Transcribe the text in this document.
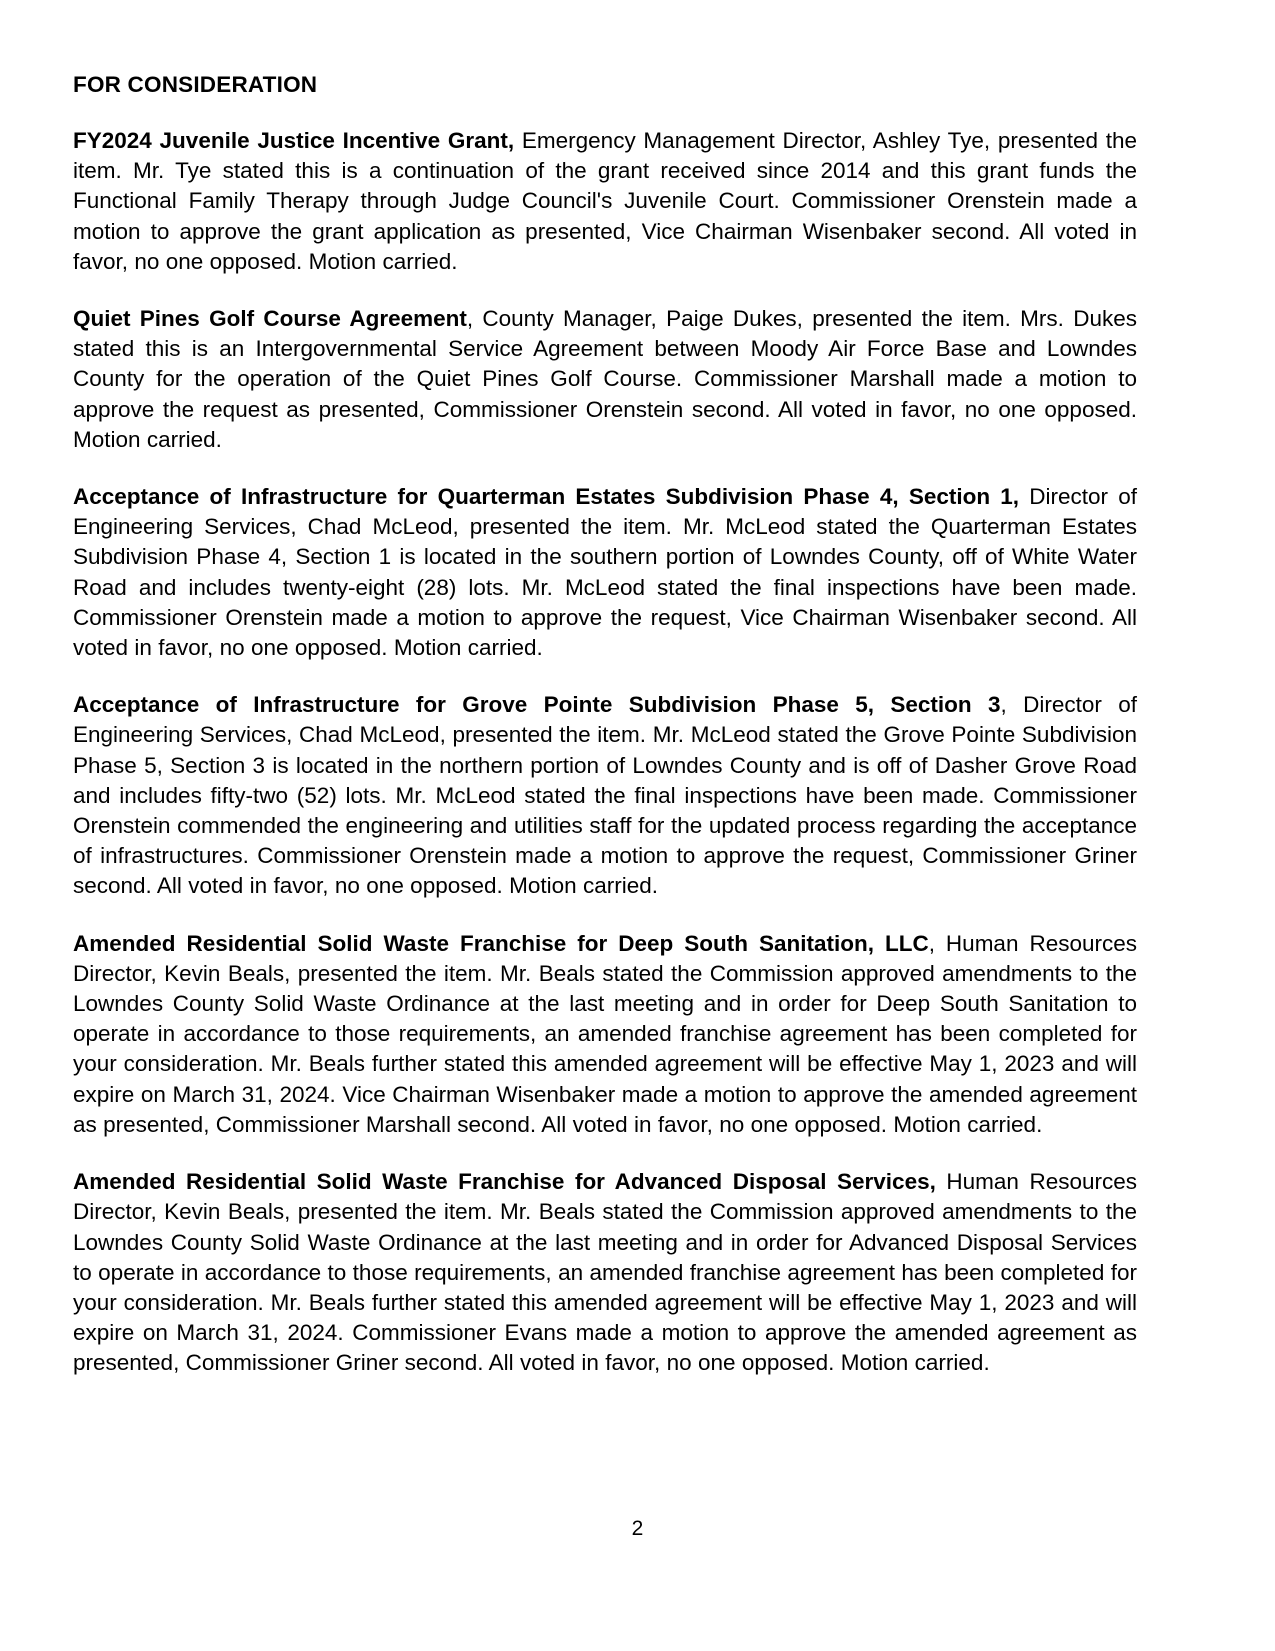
FOR CONSIDERATION

FY2024 Juvenile Justice Incentive Grant, Emergency Management Director, Ashley Tye, presented the item. Mr. Tye stated this is a continuation of the grant received since 2014 and this grant funds the Functional Family Therapy through Judge Council's Juvenile Court. Commissioner Orenstein made a motion to approve the grant application as presented, Vice Chairman Wisenbaker second. All voted in favor, no one opposed. Motion carried.

Quiet Pines Golf Course Agreement, County Manager, Paige Dukes, presented the item. Mrs. Dukes stated this is an Intergovernmental Service Agreement between Moody Air Force Base and Lowndes County for the operation of the Quiet Pines Golf Course. Commissioner Marshall made a motion to approve the request as presented, Commissioner Orenstein second. All voted in favor, no one opposed. Motion carried.

Acceptance of Infrastructure for Quarterman Estates Subdivision Phase 4, Section 1, Director of Engineering Services, Chad McLeod, presented the item. Mr. McLeod stated the Quarterman Estates Subdivision Phase 4, Section 1 is located in the southern portion of Lowndes County, off of White Water Road and includes twenty-eight (28) lots. Mr. McLeod stated the final inspections have been made. Commissioner Orenstein made a motion to approve the request, Vice Chairman Wisenbaker second. All voted in favor, no one opposed. Motion carried.

Acceptance of Infrastructure for Grove Pointe Subdivision Phase 5, Section 3, Director of Engineering Services, Chad McLeod, presented the item. Mr. McLeod stated the Grove Pointe Subdivision Phase 5, Section 3 is located in the northern portion of Lowndes County and is off of Dasher Grove Road and includes fifty-two (52) lots. Mr. McLeod stated the final inspections have been made. Commissioner Orenstein commended the engineering and utilities staff for the updated process regarding the acceptance of infrastructures. Commissioner Orenstein made a motion to approve the request, Commissioner Griner second. All voted in favor, no one opposed. Motion carried.

Amended Residential Solid Waste Franchise for Deep South Sanitation, LLC, Human Resources Director, Kevin Beals, presented the item. Mr. Beals stated the Commission approved amendments to the Lowndes County Solid Waste Ordinance at the last meeting and in order for Deep South Sanitation to operate in accordance to those requirements, an amended franchise agreement has been completed for your consideration. Mr. Beals further stated this amended agreement will be effective May 1, 2023 and will expire on March 31, 2024. Vice Chairman Wisenbaker made a motion to approve the amended agreement as presented, Commissioner Marshall second. All voted in favor, no one opposed. Motion carried.

Amended Residential Solid Waste Franchise for Advanced Disposal Services, Human Resources Director, Kevin Beals, presented the item. Mr. Beals stated the Commission approved amendments to the Lowndes County Solid Waste Ordinance at the last meeting and in order for Advanced Disposal Services to operate in accordance to those requirements, an amended franchise agreement has been completed for your consideration. Mr. Beals further stated this amended agreement will be effective May 1, 2023 and will expire on March 31, 2024. Commissioner Evans made a motion to approve the amended agreement as presented, Commissioner Griner second. All voted in favor, no one opposed. Motion carried.

2
